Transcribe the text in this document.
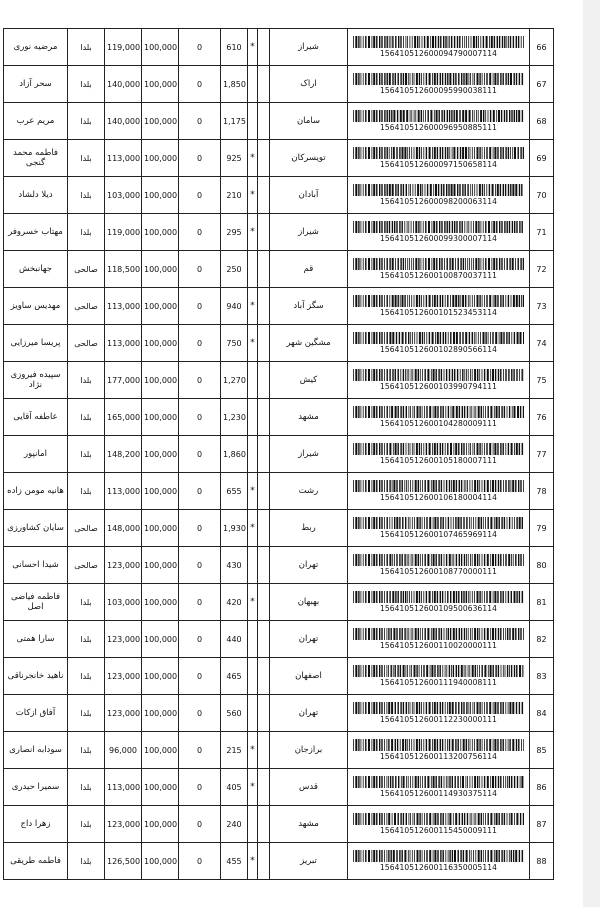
مرضیه نوری	بلدا	119,000	100,000	0	610	*		شیراز	156410512600094790007114	66
سحر آزاد	بلدا	140,000	100,000	0	1,850			اراک	156410512600095990038111	67
مریم عرب	بلدا	140,000	100,000	0	1,175			سامان	156410512600096950885111	68
فاطمه محمد گنجی	بلدا	113,000	100,000	0	925	*		تویسرکان	156410512600097150658114	69
دیلا دلشاد	بلدا	103,000	100,000	0	210	*		آبادان	156410512600098200063114	70
مهتاب خسروفر	بلدا	119,000	100,000	0	295	*		شیراز	156410512600099300007114	71
جهانبخش	صالحی	118,500	100,000	0	250			قم	156410512600100870037111	72
مهدیس ساویز	صالحی	113,000	100,000	0	940	*		سگز آباد	156410512600101523453114	73
پریسا میرزایی	صالحی	113,000	100,000	0	750	*		مشگین شهر	156410512600102890566114	74
سپیده فیروزی نژاد	بلدا	177,000	100,000	0	1,270			کیش	156410512600103990794111	75
عاطفه آقایی	بلدا	165,000	100,000	0	1,230			مشهد	156410512600104280009111	76
امانپور	بلدا	148,200	100,000	0	1,860			شیراز	156410512600105180007111	77
هانیه مومن زاده	بلدا	113,000	100,000	0	655	*		رشت	156410512600106180004114	78
سایان کشاورزی	صالحی	148,000	100,000	0	1,930	*		ربط	156410512600107465969114	79
شیدا احسانی	صالحی	123,000	100,000	0	430			تهران	156410512600108770000111	80
فاطمه فیاضی اصل	بلدا	103,000	100,000	0	420	*		بهبهان	156410512600109500636114	81
سارا همتی	بلدا	123,000	100,000	0	440			تهران	156410512600110020000111	82
ناهید خانجرناقی	بلدا	123,000	100,000	0	465			اصفهان	156410512600111940008111	83
آفاق ازکات	بلدا	123,000	100,000	0	560			تهران	156410512600112230000111	84
سودابه انصاری	بلدا	96,000	100,000	0	215	*		برازجان	156410512600113200756114	85
سمیرا حیدری	بلدا	113,000	100,000	0	405	*		قدس	156410512600114930375114	86
زهرا داج	بلدا	123,000	100,000	0	240			مشهد	156410512600115450009111	87
فاطمه طریقی	بلدا	126,500	100,000	0	455	*		تبریز	156410512600116350005114	88
